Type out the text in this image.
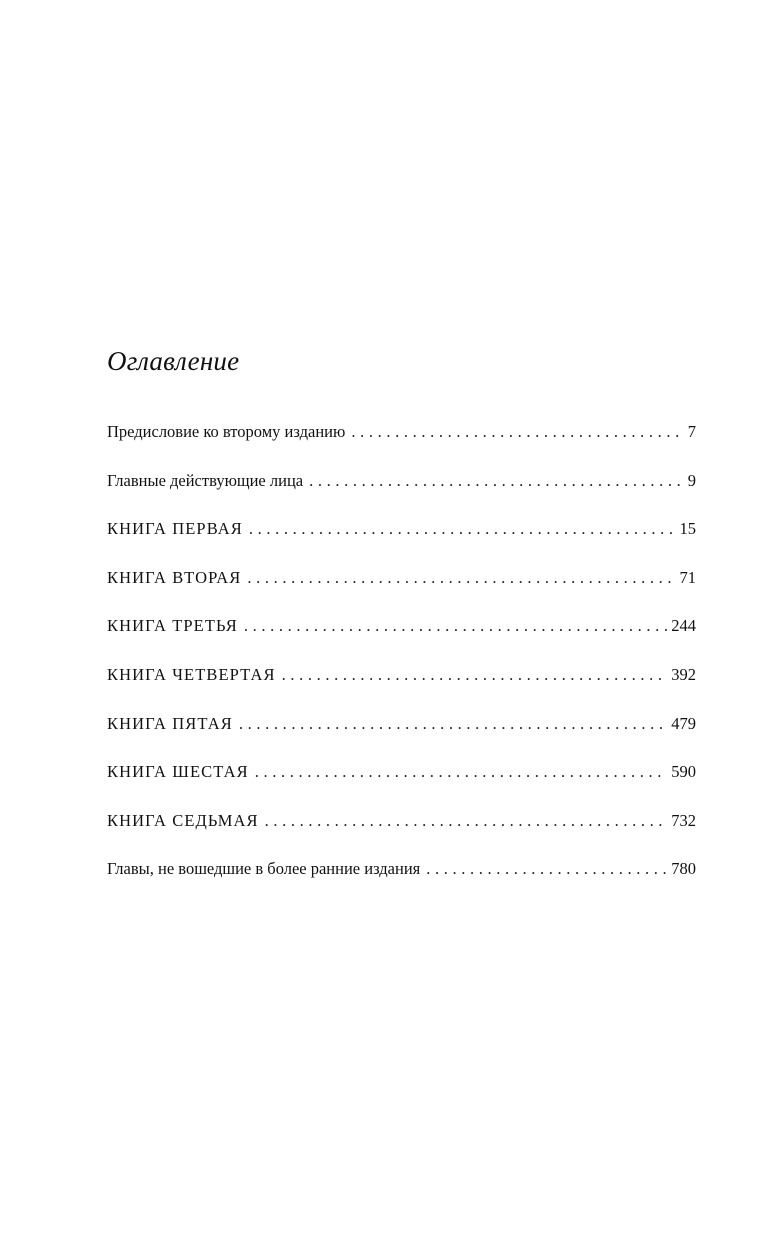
Оглавление
Предисловие ко второму изданию . . .	7
Главные действующие лица . . .	9
КНИГА ПЕРВАЯ . . .	15
КНИГА ВТОРАЯ . . .	71
КНИГА ТРЕТЬЯ . . .	244
КНИГА ЧЕТВЕРТАЯ . . .	392
КНИГА ПЯТАЯ . . .	479
КНИГА ШЕСТАЯ . . .	590
КНИГА СЕДЬМАЯ . . .	732
Главы, не вошедшие в более ранние издания . . .	780
